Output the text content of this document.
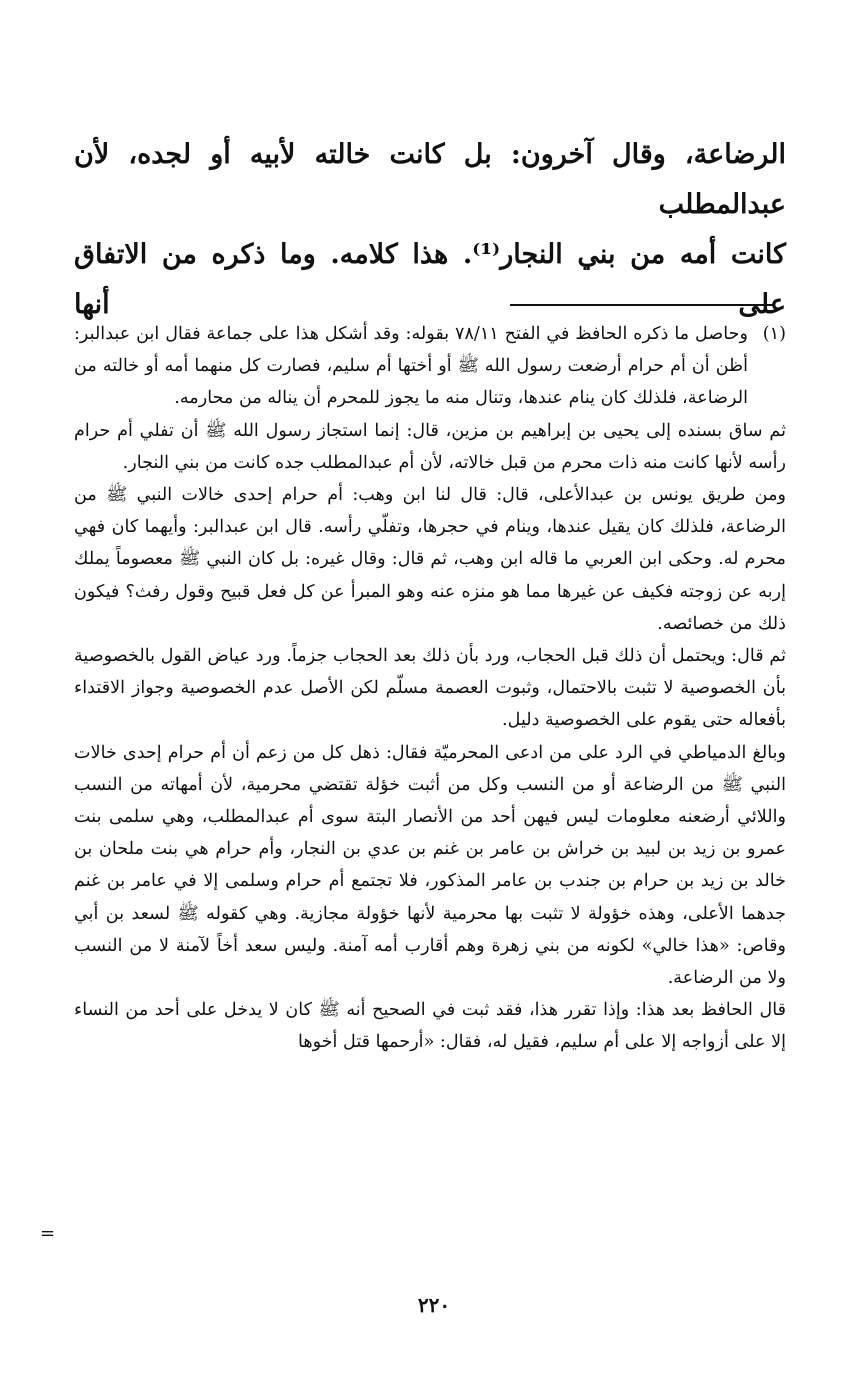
الرضاعة، وقال آخرون: بل كانت خالته لأبيه أو لجده، لأن عبدالمطلب

كانت أمه من بني النجار⁽¹⁾. هذا كلامه. وما ذكره من الاتفاق على أنها

(١)
وحاصل ما ذكره الحافظ في الفتح ٧٨/١١ بقوله: وقد أشكل هذا على جماعة فقال ابن عبدالبر: أظن أن أم حرام أرضعت رسول الله ﷺ أو أختها أم سليم، فصارت كل منهما أمه أو خالته من الرضاعة، فلذلك كان ينام عندها، وتنال منه ما يجوز للمحرم أن يناله من محارمه.

ثم ساق بسنده إلى يحيى بن إبراهيم بن مزين، قال: إنما استجاز رسول الله ﷺ أن تفلي أم حرام رأسه لأنها كانت منه ذات محرم من قبل خالاته، لأن أم عبدالمطلب جده كانت من بني النجار.

ومن طريق يونس بن عبدالأعلى، قال: قال لنا ابن وهب: أم حرام إحدى خالات النبي ﷺ من الرضاعة، فلذلك كان يقيل عندها، وينام في حجرها، وتفلّي رأسه. قال ابن عبدالبر: وأيهما كان فهي محرم له. وحكى ابن العربي ما قاله ابن وهب، ثم قال: وقال غيره: بل كان النبي ﷺ معصوماً يملك إربه عن زوجته فكيف عن غيرها مما هو منزه عنه وهو المبرأ عن كل فعل قبيح وقول رفث؟ فيكون ذلك من خصائصه.

ثم قال: ويحتمل أن ذلك قبل الحجاب، ورد بأن ذلك بعد الحجاب جزماً. ورد عياض القول بالخصوصية بأن الخصوصية لا تثبت بالاحتمال، وثبوت العصمة مسلّم لكن الأصل عدم الخصوصية وجواز الاقتداء بأفعاله حتى يقوم على الخصوصية دليل.

وبالغ الدمياطي في الرد على من ادعى المحرميّة فقال: ذهل كل من زعم أن أم حرام إحدى خالات النبي ﷺ من الرضاعة أو من النسب وكل من أثبت خؤلة تقتضي محرمية، لأن أمهاته من النسب واللائي أرضعنه معلومات ليس فيهن أحد من الأنصار البتة سوى أم عبدالمطلب، وهي سلمى بنت عمرو بن زيد بن لبيد بن خراش بن عامر بن غنم بن عدي بن النجار، وأم حرام هي بنت ملحان بن خالد بن زيد بن حرام بن جندب بن عامر المذكور، فلا تجتمع أم حرام وسلمى إلا في عامر بن غنم جدهما الأعلى، وهذه خؤولة لا تثبت بها محرمية لأنها خؤولة مجازية. وهي كقوله ﷺ لسعد بن أبي وقاص: «هذا خالي» لكونه من بني زهرة وهم أقارب أمه آمنة. وليس سعد أخاً لآمنة لا من النسب ولا من الرضاعة.

قال الحافظ بعد هذا: وإذا تقرر هذا، فقد ثبت في الصحيح أنه ﷺ كان لا يدخل على أحد من النساء إلا على أزواجه إلا على أم سليم، فقيل له، فقال: «أرحمها قتل أخوها

=
٢٢٠
